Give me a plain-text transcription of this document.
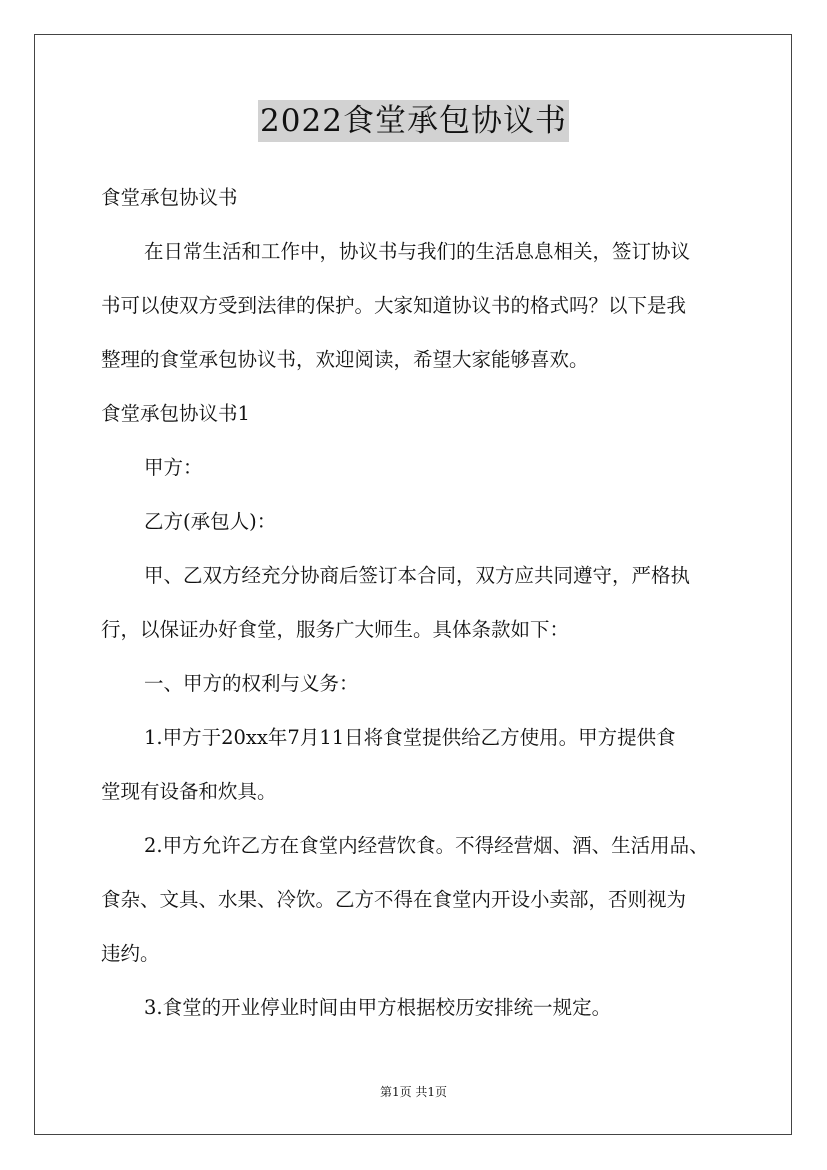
2022食堂承包协议书
食堂承包协议书
在日常生活和工作中，协议书与我们的生活息息相关，签订协议
书可以使双方受到法律的保护。大家知道协议书的格式吗？以下是我
整理的食堂承包协议书，欢迎阅读，希望大家能够喜欢。
食堂承包协议书1
甲方：
乙方(承包人)：
甲、乙双方经充分协商后签订本合同，双方应共同遵守，严格执
行，以保证办好食堂，服务广大师生。具体条款如下：
一、甲方的权利与义务：
1.甲方于20xx年7月11日将食堂提供给乙方使用。甲方提供食
堂现有设备和炊具。
2.甲方允许乙方在食堂内经营饮食。不得经营烟、酒、生活用品、
食杂、文具、水果、冷饮。乙方不得在食堂内开设小卖部，否则视为
违约。
3.食堂的开业停业时间由甲方根据校历安排统一规定。
第1页 共1页
